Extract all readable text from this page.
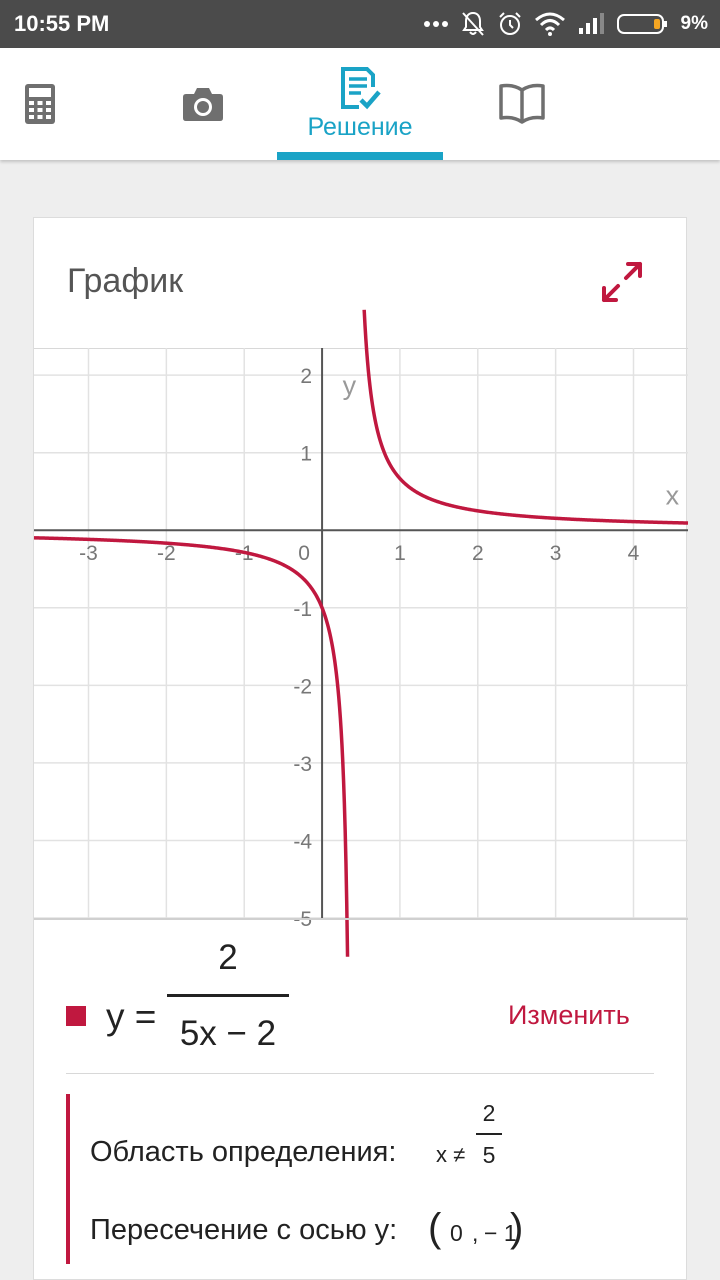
10:55 PM	9%
Решение
График
-3	-2	-1 0	1	2	3	4
2
1
-1
-2
-3
-4
x
y
y =
2
5x − 2	Изменить
Область определения: x ≠
2
5
Пересечение с осью y: ( 0 , − 1
)
